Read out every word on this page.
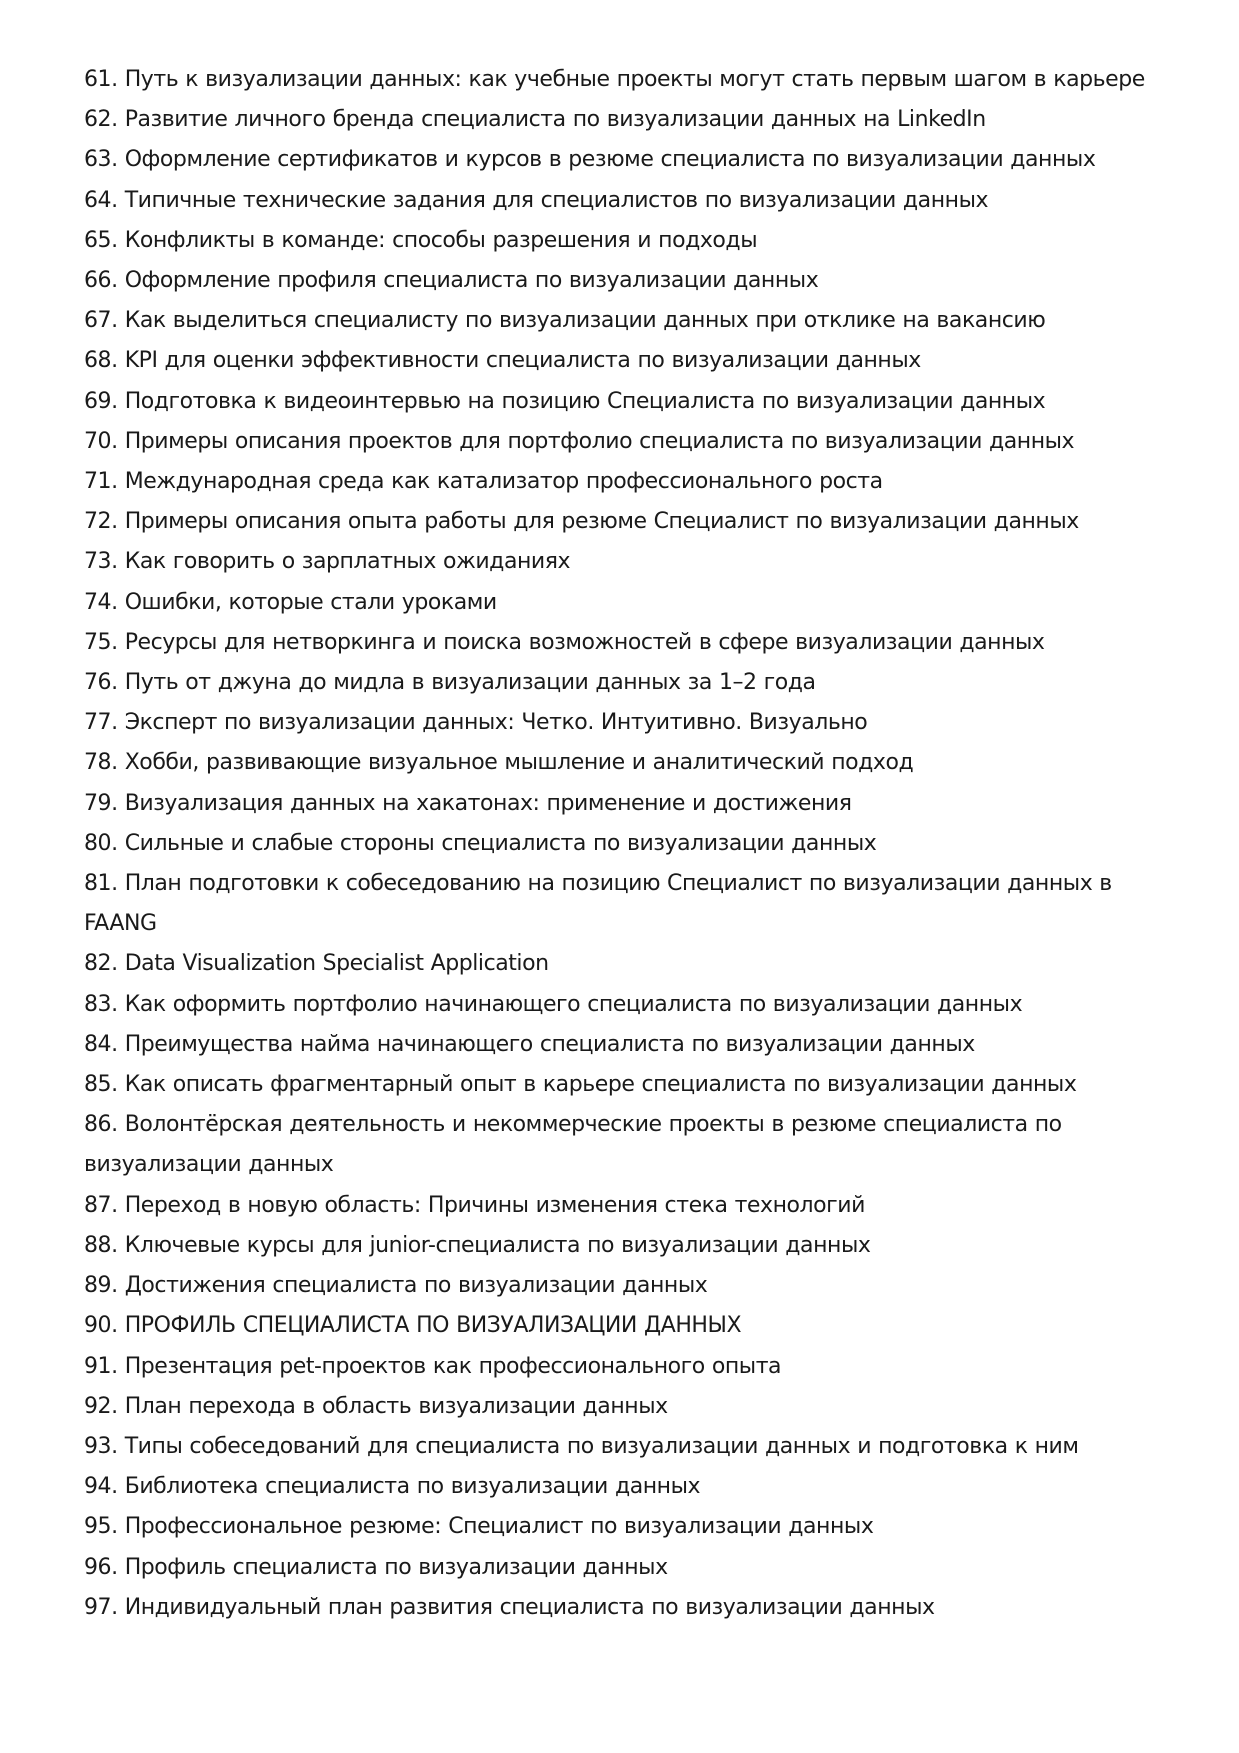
61. Путь к визуализации данных: как учебные проекты могут стать первым шагом в карьере
62. Развитие личного бренда специалиста по визуализации данных на LinkedIn
63. Оформление сертификатов и курсов в резюме специалиста по визуализации данных
64. Типичные технические задания для специалистов по визуализации данных
65. Конфликты в команде: способы разрешения и подходы
66. Оформление профиля специалиста по визуализации данных
67. Как выделиться специалисту по визуализации данных при отклике на вакансию
68. KPI для оценки эффективности специалиста по визуализации данных
69. Подготовка к видеоинтервью на позицию Специалиста по визуализации данных
70. Примеры описания проектов для портфолио специалиста по визуализации данных
71. Международная среда как катализатор профессионального роста
72. Примеры описания опыта работы для резюме Специалист по визуализации данных
73. Как говорить о зарплатных ожиданиях
74. Ошибки, которые стали уроками
75. Ресурсы для нетворкинга и поиска возможностей в сфере визуализации данных
76. Путь от джуна до мидла в визуализации данных за 1–2 года
77. Эксперт по визуализации данных: Четко. Интуитивно. Визуально
78. Хобби, развивающие визуальное мышление и аналитический подход
79. Визуализация данных на хакатонах: применение и достижения
80. Сильные и слабые стороны специалиста по визуализации данных
81. План подготовки к собеседованию на позицию Специалист по визуализации данных в FAANG
82. Data Visualization Specialist Application
83. Как оформить портфолио начинающего специалиста по визуализации данных
84. Преимущества найма начинающего специалиста по визуализации данных
85. Как описать фрагментарный опыт в карьере специалиста по визуализации данных
86. Волонтёрская деятельность и некоммерческие проекты в резюме специалиста по визуализации данных
87. Переход в новую область: Причины изменения стека технологий
88. Ключевые курсы для junior-специалиста по визуализации данных
89. Достижения специалиста по визуализации данных
90. ПРОФИЛЬ СПЕЦИАЛИСТА ПО ВИЗУАЛИЗАЦИИ ДАННЫХ
91. Презентация pet-проектов как профессионального опыта
92. План перехода в область визуализации данных
93. Типы собеседований для специалиста по визуализации данных и подготовка к ним
94. Библиотека специалиста по визуализации данных
95. Профессиональное резюме: Специалист по визуализации данных
96. Профиль специалиста по визуализации данных
97. Индивидуальный план развития специалиста по визуализации данных
